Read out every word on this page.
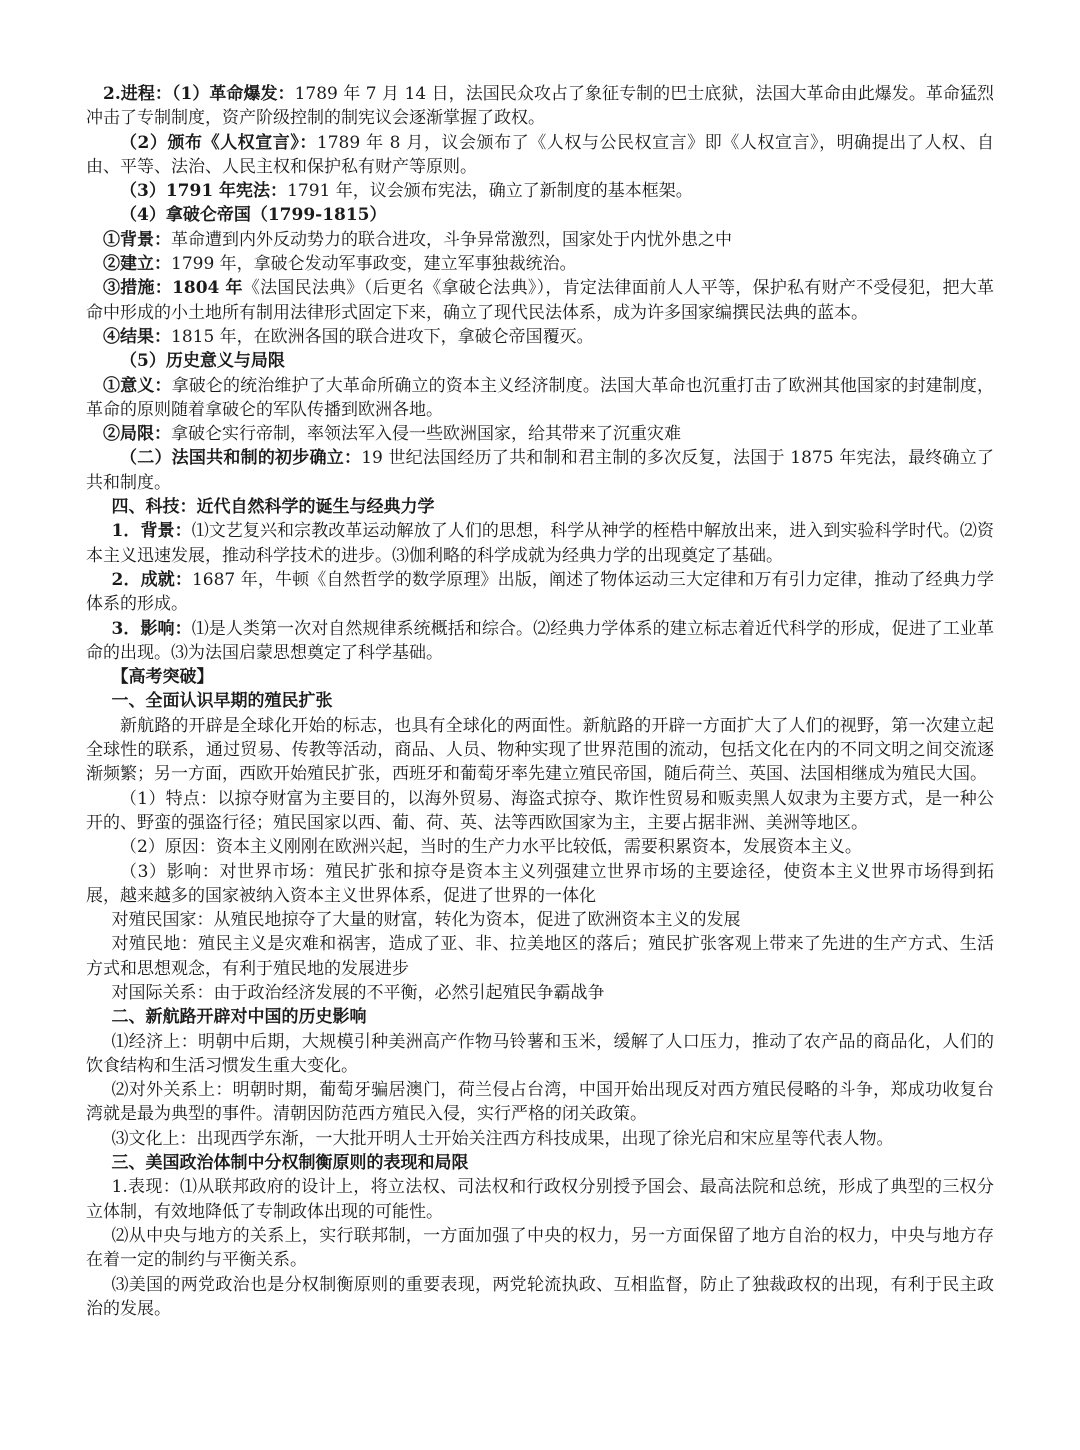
2.进程：（1）革命爆发：1789 年 7 月 14 日，法国民众攻占了象征专制的巴士底狱，法国大革命由此爆发。革命猛烈冲击了专制制度，资产阶级控制的制宪议会逐渐掌握了政权。

（2）颁布《人权宣言》：1789 年 8 月，议会颁布了《人权与公民权宣言》即《人权宣言》，明确提出了人权、自由、平等、法治、人民主权和保护私有财产等原则。

（3）1791 年宪法：1791 年，议会颁布宪法，确立了新制度的基本框架。

（4）拿破仑帝国（1799-1815）

①背景：革命遭到内外反动势力的联合进攻，斗争异常激烈，国家处于内忧外患之中

②建立：1799 年，拿破仑发动军事政变，建立军事独裁统治。

③措施：1804 年《法国民法典》（后更名《拿破仑法典》），肯定法律面前人人平等，保护私有财产不受侵犯，把大革命中形成的小土地所有制用法律形式固定下来，确立了现代民法体系，成为许多国家编撰民法典的蓝本。

④结果：1815 年，在欧洲各国的联合进攻下，拿破仑帝国覆灭。

（5）历史意义与局限

①意义：拿破仑的统治维护了大革命所确立的资本主义经济制度。法国大革命也沉重打击了欧洲其他国家的封建制度，革命的原则随着拿破仑的军队传播到欧洲各地。

②局限：拿破仑实行帝制，率领法军入侵一些欧洲国家，给其带来了沉重灾难

（二）法国共和制的初步确立：19 世纪法国经历了共和制和君主制的多次反复，法国于 1875 年宪法，最终确立了共和制度。

四、科技：近代自然科学的诞生与经典力学

1．背景：⑴文艺复兴和宗教改革运动解放了人们的思想，科学从神学的桎梏中解放出来，进入到实验科学时代。⑵资本主义迅速发展，推动科学技术的进步。⑶伽利略的科学成就为经典力学的出现奠定了基础。

2．成就：1687 年，牛顿《自然哲学的数学原理》出版，阐述了物体运动三大定律和万有引力定律，推动了经典力学体系的形成。

3．影响：⑴是人类第一次对自然规律系统概括和综合。⑵经典力学体系的建立标志着近代科学的形成，促进了工业革命的出现。⑶为法国启蒙思想奠定了科学基础。

【高考突破】

一、全面认识早期的殖民扩张

新航路的开辟是全球化开始的标志，也具有全球化的两面性。新航路的开辟一方面扩大了人们的视野，第一次建立起全球性的联系，通过贸易、传教等活动，商品、人员、物种实现了世界范围的流动，包括文化在内的不同文明之间交流逐渐频繁；另一方面，西欧开始殖民扩张，西班牙和葡萄牙率先建立殖民帝国，随后荷兰、英国、法国相继成为殖民大国。

（1）特点：以掠夺财富为主要目的，以海外贸易、海盗式掠夺、欺诈性贸易和贩卖黑人奴隶为主要方式，是一种公开的、野蛮的强盗行径；殖民国家以西、葡、荷、英、法等西欧国家为主，主要占据非洲、美洲等地区。

（2）原因：资本主义刚刚在欧洲兴起，当时的生产力水平比较低，需要积累资本，发展资本主义。

（3）影响：对世界市场：殖民扩张和掠夺是资本主义列强建立世界市场的主要途径，使资本主义世界市场得到拓展，越来越多的国家被纳入资本主义世界体系，促进了世界的一体化

对殖民国家：从殖民地掠夺了大量的财富，转化为资本，促进了欧洲资本主义的发展

对殖民地：殖民主义是灾难和祸害，造成了亚、非、拉美地区的落后；殖民扩张客观上带来了先进的生产方式、生活方式和思想观念，有利于殖民地的发展进步

对国际关系：由于政治经济发展的不平衡，必然引起殖民争霸战争

二、新航路开辟对中国的历史影响

⑴经济上：明朝中后期，大规模引种美洲高产作物马铃薯和玉米，缓解了人口压力，推动了农产品的商品化，人们的饮食结构和生活习惯发生重大变化。

⑵对外关系上：明朝时期，葡萄牙骗居澳门，荷兰侵占台湾，中国开始出现反对西方殖民侵略的斗争，郑成功收复台湾就是最为典型的事件。清朝因防范西方殖民入侵，实行严格的闭关政策。

⑶文化上：出现西学东渐，一大批开明人士开始关注西方科技成果，出现了徐光启和宋应星等代表人物。

三、美国政治体制中分权制衡原则的表现和局限

1.表现：⑴从联邦政府的设计上，将立法权、司法权和行政权分别授予国会、最高法院和总统，形成了典型的三权分立体制，有效地降低了专制政体出现的可能性。

⑵从中央与地方的关系上，实行联邦制，一方面加强了中央的权力，另一方面保留了地方自治的权力，中央与地方存在着一定的制约与平衡关系。

⑶美国的两党政治也是分权制衡原则的重要表现，两党轮流执政、互相监督，防止了独裁政权的出现，有利于民主政治的发展。
